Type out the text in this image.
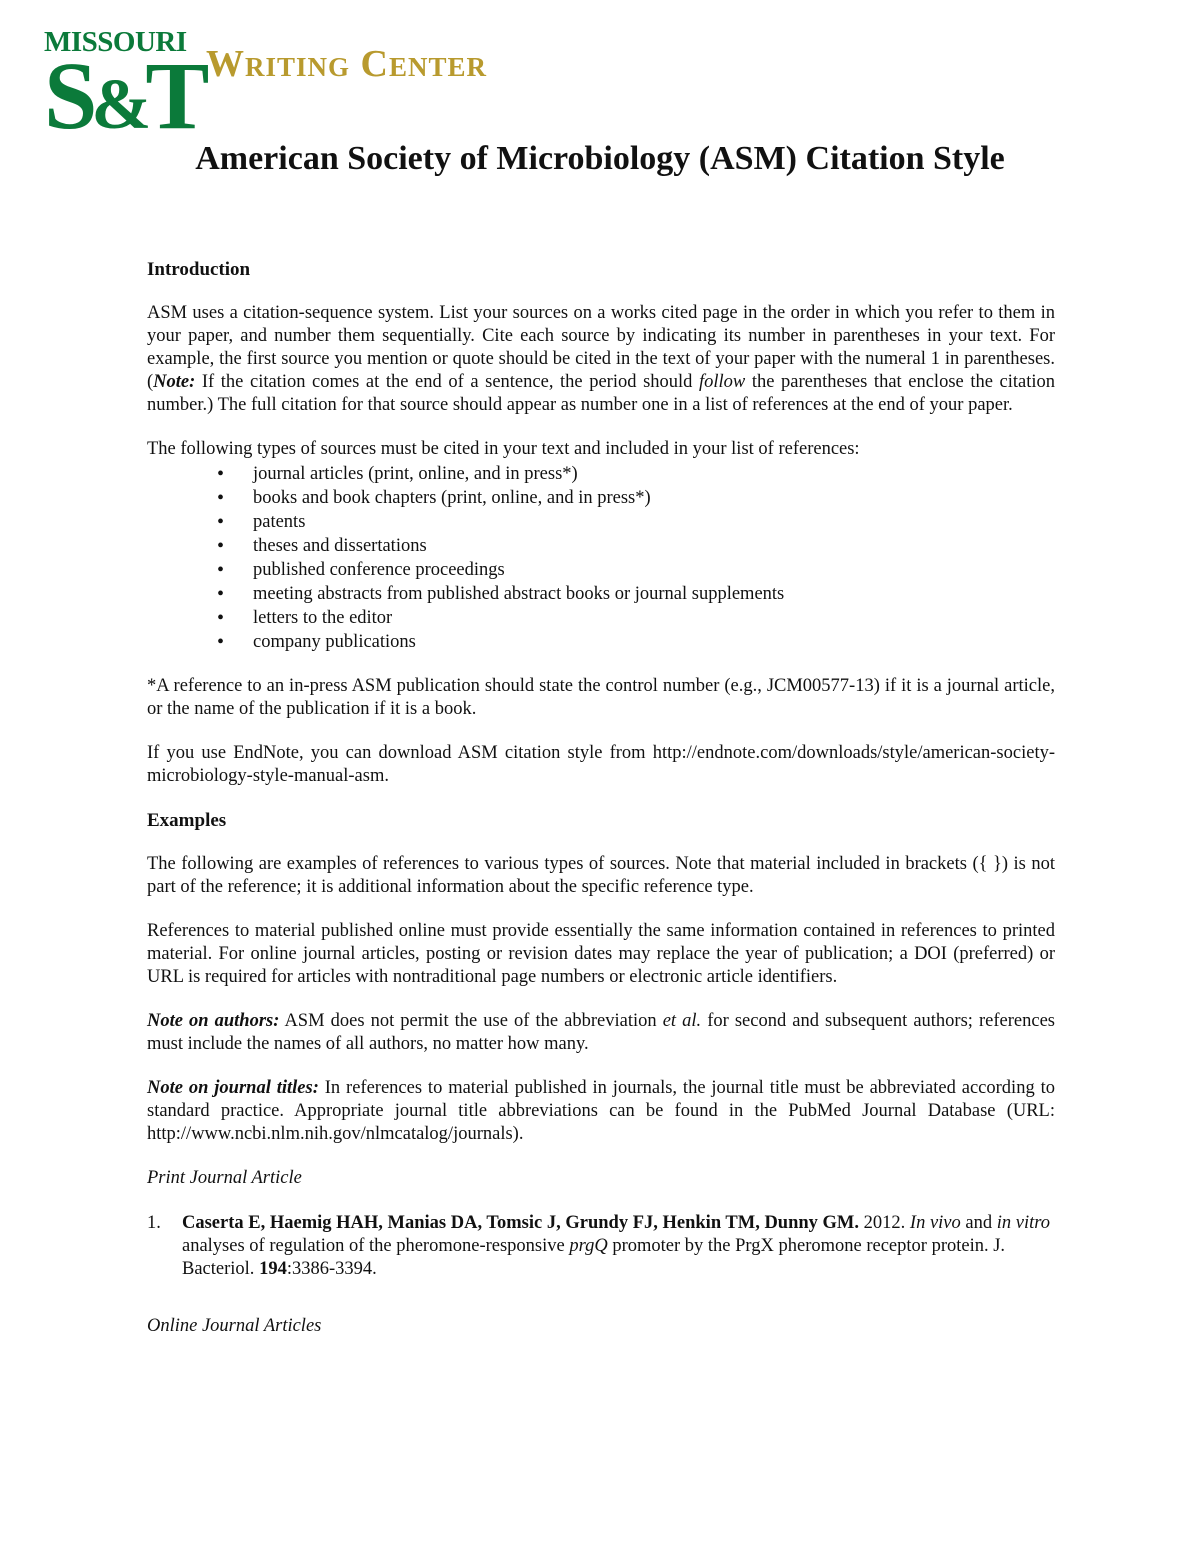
MISSOURI
S&T Writing Center
American Society of Microbiology (ASM) Citation Style
Introduction

ASM uses a citation-sequence system. List your sources on a works cited page in the order in which you refer to them in your paper, and number them sequentially. Cite each source by indicating its number in parentheses in your text. For example, the first source you mention or quote should be cited in the text of your paper with the numeral 1 in parentheses. (Note: If the citation comes at the end of a sentence, the period should follow the parentheses that enclose the citation number.) The full citation for that source should appear as number one in a list of references at the end of your paper.

The following types of sources must be cited in your text and included in your list of references:

• journal articles (print, online, and in press*)
• books and book chapters (print, online, and in press*)
• patents
• theses and dissertations
• published conference proceedings
• meeting abstracts from published abstract books or journal supplements
• letters to the editor
• company publications

*A reference to an in-press ASM publication should state the control number (e.g., JCM00577-13) if it is a journal article, or the name of the publication if it is a book.

If you use EndNote, you can download ASM citation style from http://endnote.com/downloads/style/american-society-microbiology-style-manual-asm.

Examples

The following are examples of references to various types of sources. Note that material included in brackets ({ }) is not part of the reference; it is additional information about the specific reference type.

References to material published online must provide essentially the same information contained in references to printed material. For online journal articles, posting or revision dates may replace the year of publication; a DOI (preferred) or URL is required for articles with nontraditional page numbers or electronic article identifiers.

Note on authors: ASM does not permit the use of the abbreviation et al. for second and subsequent authors; references must include the names of all authors, no matter how many.

Note on journal titles: In references to material published in journals, the journal title must be abbreviated according to standard practice. Appropriate journal title abbreviations can be found in the PubMed Journal Database (URL: http://www.ncbi.nlm.nih.gov/nlmcatalog/journals).

Print Journal Article
1.	Caserta E, Haemig HAH, Manias DA, Tomsic J, Grundy FJ, Henkin TM, Dunny GM. 2012. In vivo and in vitro analyses of regulation of the pheromone-responsive prgQ promoter by the PrgX pheromone receptor protein. J. Bacteriol. 194:3386-3394.
Online Journal Articles
